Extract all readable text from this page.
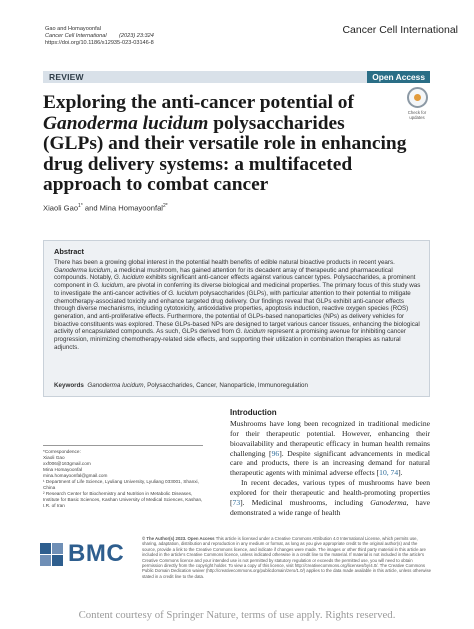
Gao and Homayoonfal
Cancer Cell International (2023) 23:324
https://doi.org/10.1186/s12935-023-03146-8
Cancer Cell International
REVIEW	Open Access
Exploring the anti-cancer potential of Ganoderma lucidum polysaccharides (GLPs) and their versatile role in enhancing drug delivery systems: a multifaceted approach to combat cancer
Check for
updates
Xiaoli Gao$^{1*}$ and Mina Homayoonfal$^{2*}$
Abstract
There has been a growing global interest in the potential health benefits of edible natural bioactive products in recent years. Ganoderma lucidum, a medicinal mushroom, has gained attention for its decadent array of therapeutic and pharmaceutical compounds. Notably, G. lucidum exhibits significant anti-cancer effects against various cancer types. Polysaccharides, a prominent component in G. lucidum, are pivotal in conferring its diverse biological and medicinal properties. The primary focus of this study was to investigate the anti-cancer activities of G. lucidum polysaccharides (GLPs), with particular attention to their potential to mitigate chemotherapy-associated toxicity and enhance targeted drug delivery. Our findings reveal that GLPs exhibit anti-cancer effects through diverse mechanisms, including cytotoxicity, antioxidative properties, apoptosis induction, reactive oxygen species (ROS) generation, and anti-proliferative effects. Furthermore, the potential of GLPs-based nanoparticles (NPs) as delivery vehicles for bioactive constituents was explored. These GLPs-based NPs are designed to target various cancer tissues, enhancing the biological activity of encapsulated compounds. As such, GLPs derived from G. lucidum represent a promising avenue for inhibiting cancer progression, minimizing chemotherapy-related side effects, and supporting their utilization in combination therapies as natural adjuncts.
Keywords Ganoderma lucidum, Polysaccharides, Cancer, Nanoparticle, Immunoregulation
Introduction
Mushrooms have long been recognized in traditional medicine for their therapeutic potential. However, enhancing their bioavailability and therapeutic efficacy in human health remains challenging [96]. Despite significant advancements in medical care and products, there is an increasing demand for natural therapeutic agents with minimal adverse effects [10, 74].
In recent decades, various types of mushrooms have been explored for their therapeutic and health-promoting properties [73]. Medicinal mushrooms, including Ganoderma, have demonstrated a wide range of health
*Correspondence:
Xiaoli Gao
xxf006@163gmail.com
Mina Homayoonfal
mina.homayoonfal@gmail.com
¹ Department of Life Science, Lyuliang University, Lyuliang 033001, Shanxi, China
² Research Center for Biochemistry and Nutrition in Metabolic Diseases, Institute for Basic Sciences, Kashan University of Medical Sciences, Kashan, I.R. of Iran
BMC
© The Author(s) 2023. Open Access This article is licensed under a Creative Commons Attribution 4.0 International License, which permits use, sharing, adaptation, distribution and reproduction in any medium or format, as long as you give appropriate credit to the original author(s) and the source, provide a link to the Creative Commons licence, and indicate if changes were made. The images or other third party material in this article are included in the article's Creative Commons licence, unless indicated otherwise in a credit line to the material. If material is not included in the article's Creative Commons licence and your intended use is not permitted by statutory regulation or exceeds the permitted use, you will need to obtain permission directly from the copyright holder. To view a copy of this licence, visit http://creativecommons.org/licenses/by/4.0/. The Creative Commons Public Domain Dedication waiver (http://creativecommons.org/publicdomain/zero/1.0/) applies to the data made available in this article, unless otherwise stated in a credit line to the data.
Content courtesy of Springer Nature, terms of use apply. Rights reserved.
